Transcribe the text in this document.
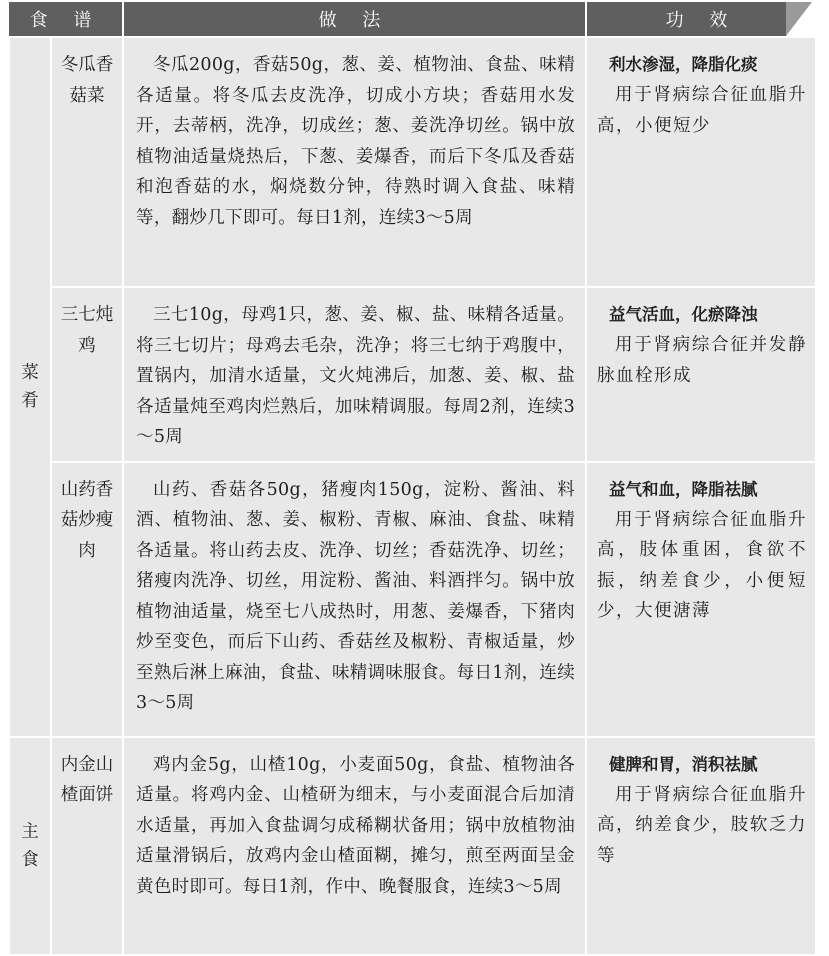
食 谱		做 法	功 效

菜 肴	冬瓜香菇菜	冬瓜200g，香菇50g，葱、姜、植物油、食盐、味精各适量。将冬瓜去皮洗净，切成小方块；香菇用水发开，去蒂柄，洗净，切成丝；葱、姜洗净切丝。锅中放植物油适量烧热后，下葱、姜爆香，而后下冬瓜及香菇和泡香菇的水，焖烧数分钟，待熟时调入食盐、味精等，翻炒几下即可。每日1剂，连续3～5周	利水渗湿，降脂化痰
用于肾病综合征血脂升高，小便短少

	三七炖鸡	三七10g，母鸡1只，葱、姜、椒、盐、味精各适量。将三七切片；母鸡去毛杂，洗净；将三七纳于鸡腹中，置锅内，加清水适量，文火炖沸后，加葱、姜、椒、盐各适量炖至鸡肉烂熟后，加味精调服。每周2剂，连续3～5周	益气活血，化瘀降浊
用于肾病综合征并发静脉血栓形成

	山药香菇炒瘦肉	山药、香菇各50g，猪瘦肉150g，淀粉、酱油、料酒、植物油、葱、姜、椒粉、青椒、麻油、食盐、味精各适量。将山药去皮、洗净、切丝；香菇洗净、切丝；猪瘦肉洗净、切丝，用淀粉、酱油、料酒拌匀。锅中放植物油适量，烧至七八成热时，用葱、姜爆香，下猪肉炒至变色，而后下山药、香菇丝及椒粉、青椒适量，炒至熟后淋上麻油，食盐、味精调味服食。每日1剂，连续3～5周	益气和血，降脂祛腻
用于肾病综合征血脂升高，肢体重困，食欲不振，纳差食少，小便短少，大便溏薄

主 食	内金山楂面饼	鸡内金5g，山楂10g，小麦面50g，食盐、植物油各适量。将鸡内金、山楂研为细末，与小麦面混合后加清水适量，再加入食盐调匀成稀糊状备用；锅中放植物油适量滑锅后，放鸡内金山楂面糊，摊匀，煎至两面呈金黄色时即可。每日1剂，作中、晚餐服食，连续3～5周	健脾和胃，消积祛腻
用于肾病综合征血脂升高，纳差食少，肢软乏力等
